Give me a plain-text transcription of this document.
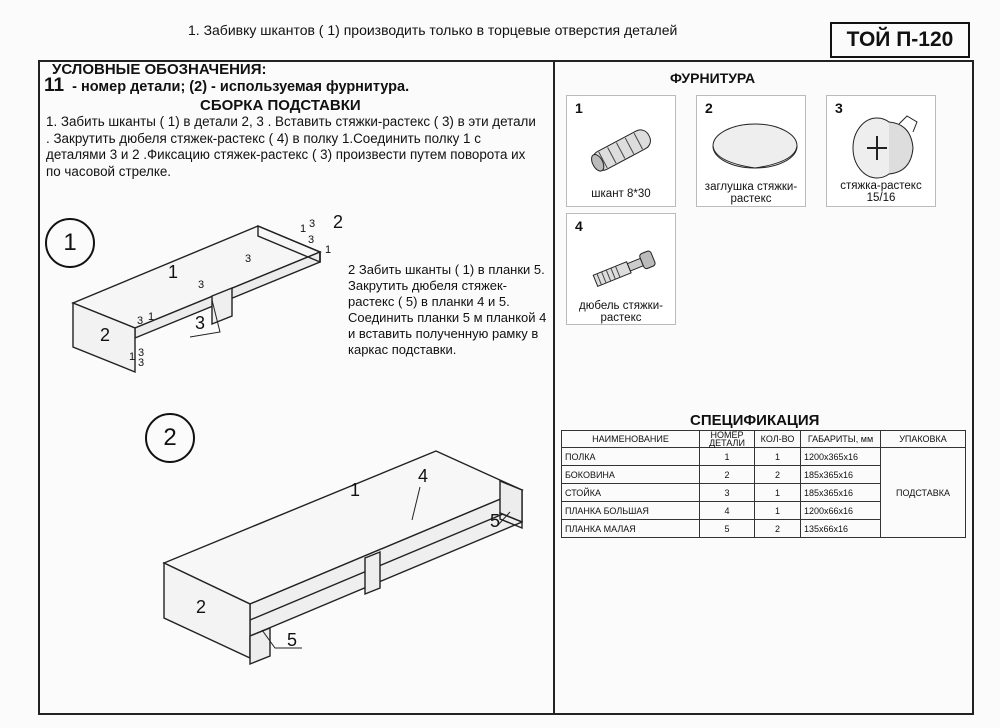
1. Забивку шкантов ( 1) производить только в торцевые отверстия деталей	ТОЙ П-120
УСЛОВНЫЕ ОБОЗНАЧЕНИЯ:
11 - номер детали; (2) - используемая фурнитура.
СБОРКА ПОДСТАВКИ
1. Забить шканты ( 1) в детали 2, 3 . Вставить стяжки-растекс ( 3) в эти детали . Закрутить дюбеля стяжек-растекс ( 4) в полку 1.Соединить полку 1 с деталями 3 и 2 .Фиксацию стяжек-растекс ( 3) произвести путем поворота их по часовой стрелке.
2 Забить шканты ( 1) в планки 5. Закрутить дюбеля стяжек-растекс ( 5) в планки 4 и 5. Соединить планки 5 м планкой 4 и вставить полученную рамку в каркас подставки.
1
2
1
2
3
2
3
3
3 1
1 3
3
1 3
3
1
1
2
4
5
5
ФУРНИТУРА
1
шкант 8*30
2
заглушка стяжки-растекс
3
стяжка-растекс 15/16
4
дюбель стяжки-растекс
СПЕЦИФИКАЦИЯ
НАИМЕНОВАНИЕ	НОМЕР ДЕТАЛИ	КОЛ-ВО	ГАБАРИТЫ, мм	УПАКОВКА
ПОЛКА	1	1	1200x365x16	ПОДСТАВКА
БОКОВИНА	2	2	185x365x16	
СТОЙКА	3	1	185x365x16	
ПЛАНКА БОЛЬШАЯ	4	1	1200x66x16	
ПЛАНКА МАЛАЯ	5	2	135x66x16	
